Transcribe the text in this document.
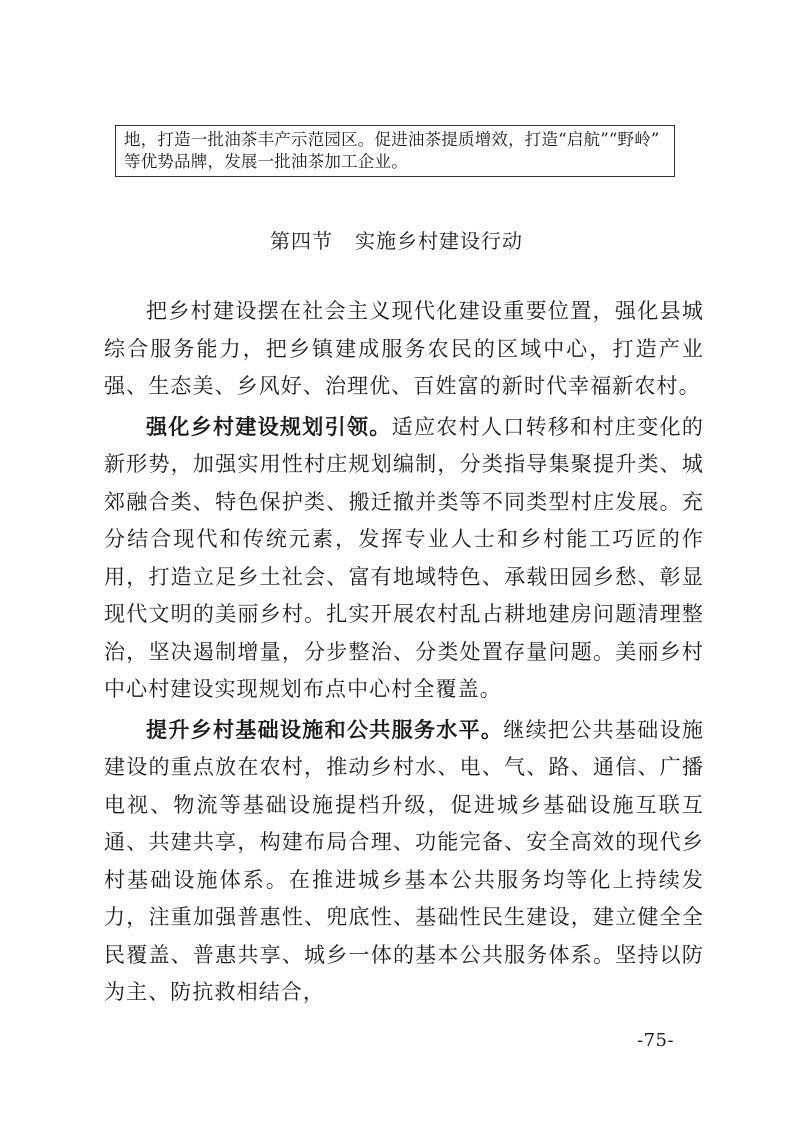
地，打造一批油茶丰产示范园区。促进油茶提质增效，打造“启航”“野岭”

等优势品牌，发展一批油茶加工企业。

第四节 实施乡村建设行动

把乡村建设摆在社会主义现代化建设重要位置，强化县城综合服务能力，把乡镇建成服务农民的区域中心，打造产业强、生态美、乡风好、治理优、百姓富的新时代幸福新农村。

强化乡村建设规划引领。适应农村人口转移和村庄变化的新形势，加强实用性村庄规划编制，分类指导集聚提升类、城郊融合类、特色保护类、搬迁撤并类等不同类型村庄发展。充分结合现代和传统元素，发挥专业人士和乡村能工巧匠的作用，打造立足乡土社会、富有地域特色、承载田园乡愁、彰显现代文明的美丽乡村。扎实开展农村乱占耕地建房问题清理整治，坚决遏制增量，分步整治、分类处置存量问题。美丽乡村中心村建设实现规划布点中心村全覆盖。

提升乡村基础设施和公共服务水平。继续把公共基础设施建设的重点放在农村，推动乡村水、电、气、路、通信、广播电视、物流等基础设施提档升级，促进城乡基础设施互联互通、共建共享，构建布局合理、功能完备、安全高效的现代乡村基础设施体系。在推进城乡基本公共服务均等化上持续发力，注重加强普惠性、兜底性、基础性民生建设，建立健全全民覆盖、普惠共享、城乡一体的基本公共服务体系。坚持以防为主、防抗救相结合，

-75-
